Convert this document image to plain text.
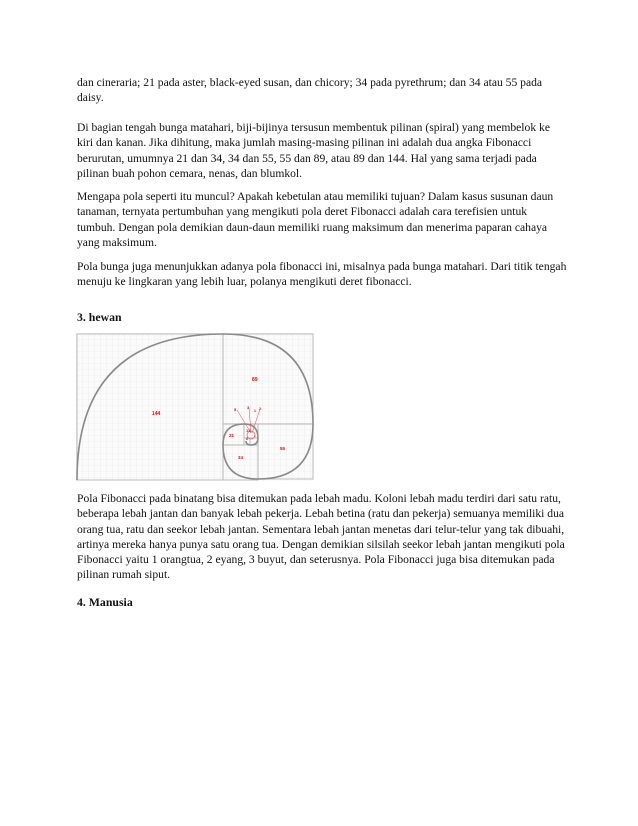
dan cineraria; 21 pada aster, black-eyed susan, dan chicory; 34 pada pyrethrum; dan 34 atau 55 pada daisy.

Di bagian tengah bunga matahari, biji-bijinya tersusun membentuk pilinan (spiral) yang membelok ke kiri dan kanan. Jika dihitung, maka jumlah masing-masing pilinan ini adalah dua angka Fibonacci berurutan, umumnya 21 dan 34, 34 dan 55, 55 dan 89, atau 89 dan 144. Hal yang sama terjadi pada pilinan buah pohon cemara, nenas, dan blumkol.

Mengapa pola seperti itu muncul? Apakah kebetulan atau memiliki tujuan? Dalam kasus susunan daun tanaman, ternyata pertumbuhan yang mengikuti pola deret Fibonacci adalah cara terefisien untuk tumbuh. Dengan pola demikian daun-daun memiliki ruang maksimum dan menerima paparan cahaya yang maksimum.

Pola bunga juga menunjukkan adanya pola fibonacci ini, misalnya pada bunga matahari. Dari titik tengah menuju ke lingkaran yang lebih luar, polanya mengikuti deret fibonacci.

3. hewan
144
89
55
34
21
13
8
5	3 2
1
1

Pola Fibonacci pada binatang bisa ditemukan pada lebah madu. Koloni lebah madu terdiri dari satu ratu, beberapa lebah jantan dan banyak lebah pekerja. Lebah betina (ratu dan pekerja) semuanya memiliki dua orang tua, ratu dan seekor lebah jantan. Sementara lebah jantan menetas dari telur-telur yang tak dibuahi, artinya mereka hanya punya satu orang tua. Dengan demikian silsilah seekor lebah jantan mengikuti pola Fibonacci yaitu 1 orangtua, 2 eyang, 3 buyut, dan seterusnya. Pola Fibonacci juga bisa ditemukan pada pilinan rumah siput.

4. Manusia
